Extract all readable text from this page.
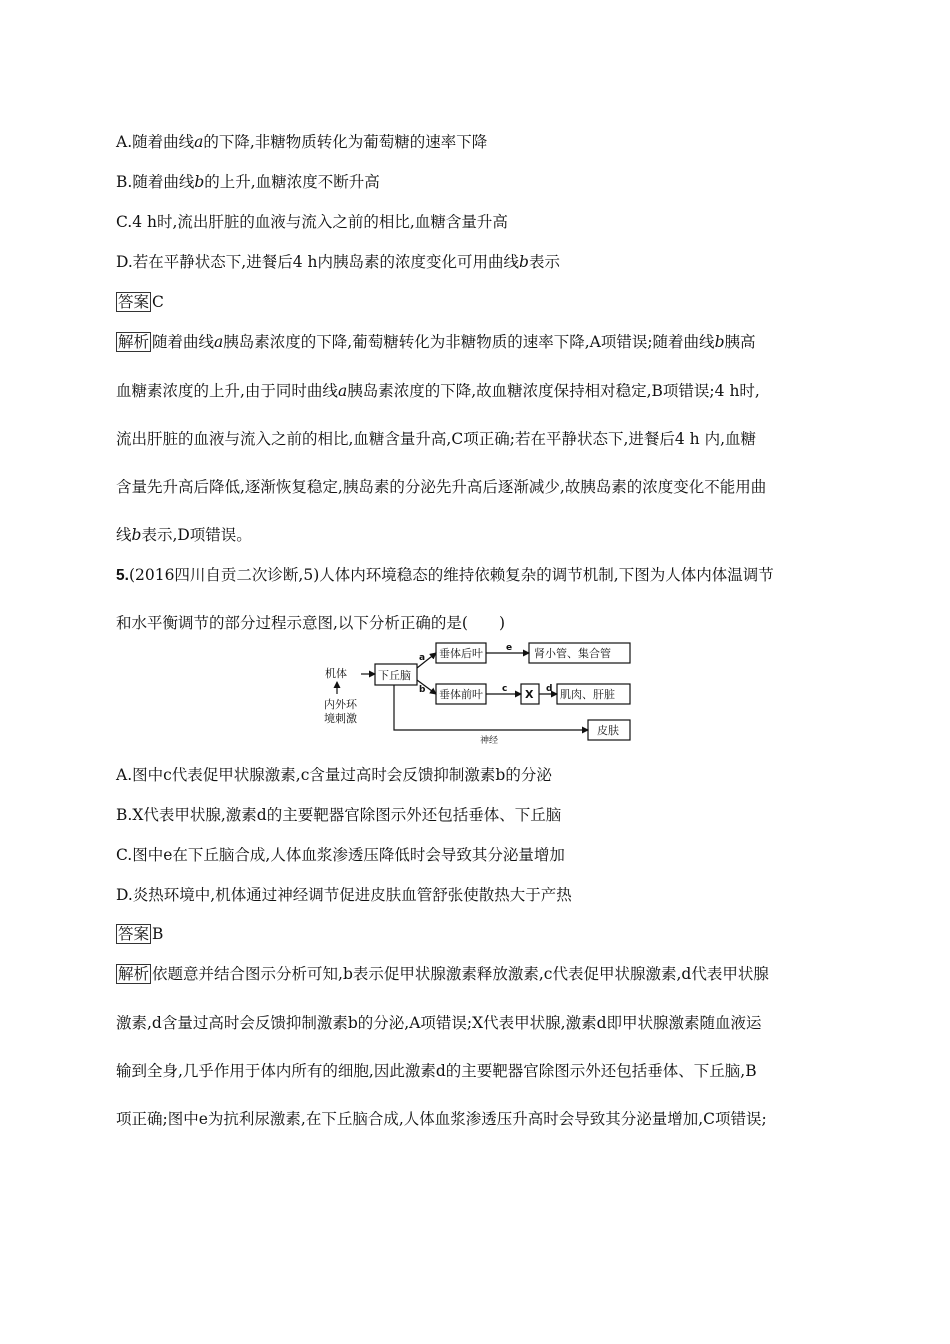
A.随着曲线a的下降,非糖物质转化为葡萄糖的速率下降
B.随着曲线b的上升,血糖浓度不断升高
C.4 h时,流出肝脏的血液与流入之前的相比,血糖含量升高
D.若在平静状态下,进餐后4 h内胰岛素的浓度变化可用曲线b表示
答案 C
解析 随着曲线a胰岛素浓度的下降,葡萄糖转化为非糖物质的速率下降,A项错误;随着曲线b胰高
血糖素浓度的上升,由于同时曲线a胰岛素浓度的下降,故血糖浓度保持相对稳定,B项错误;4 h时,
流出肝脏的血液与流入之前的相比,血糖含量升高,C项正确;若在平静状态下,进餐后4 h 内,血糖
含量先升高后降低,逐渐恢复稳定,胰岛素的分泌先升高后逐渐减少,故胰岛素的浓度变化不能用曲
线b表示,D项错误。
5.(2016四川自贡二次诊断,5)人体内环境稳态的维持依赖复杂的调节机制,下图为人体内体温调节
和水平衡调节的部分过程示意图,以下分析正确的是(　　)
机体
内外环
境刺激
下丘脑
垂体后叶
垂体前叶
肾小管、集合管
X 肌肉、肝脏
皮肤
神经
a
b
e
c	d
A.图中c代表促甲状腺激素,c含量过高时会反馈抑制激素b的分泌
B.X代表甲状腺,激素d的主要靶器官除图示外还包括垂体、下丘脑
C.图中e在下丘脑合成,人体血浆渗透压降低时会导致其分泌量增加
D.炎热环境中,机体通过神经调节促进皮肤血管舒张使散热大于产热
答案 B
解析 依题意并结合图示分析可知,b表示促甲状腺激素释放激素,c代表促甲状腺激素,d代表甲状腺
激素,d含量过高时会反馈抑制激素b的分泌,A项错误;X代表甲状腺,激素d即甲状腺激素随血液运
输到全身,几乎作用于体内所有的细胞,因此激素d的主要靶器官除图示外还包括垂体、下丘脑,B
项正确;图中e为抗利尿激素,在下丘脑合成,人体血浆渗透压升高时会导致其分泌量增加,C项错误;
